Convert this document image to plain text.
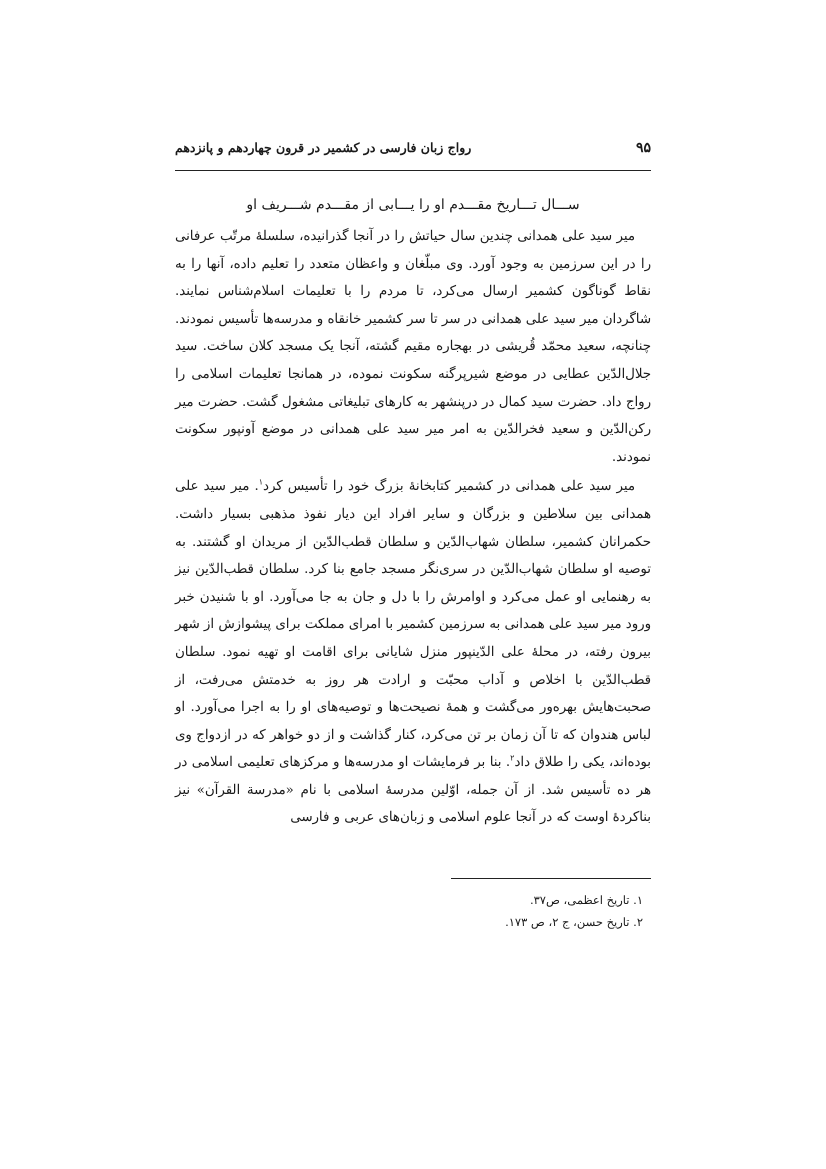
۹۵
رواج زبان فارسی در کشمیر در قرون چهاردهم و پانزدهم
ســـال تـــاریخ مقـــدم او را یـــابی از مقـــدم شـــریف او

میر سید علی همدانی چندین سال حیاتش را در آنجا گذرانیده، سلسلهٔ مرتّب عرفانی را در این سرزمین به وجود آورد. وی مبلّغان و واعظان متعدد را تعلیم داده، آنها را به نقاط گوناگون کشمیر ارسال می‌کرد، تا مردم را با تعلیمات اسلام‌شناس نمایند. شاگردان میر سید علی همدانی در سر تا سر کشمیر خانقاه و مدرسه‌ها تأسیس نمودند. چنانچه، سعید محمّد قُریشی در بهجاره مقیم گشته، آنجا یک مسجد کلان ساخت. سید جلال‌الدّین عطایی در موضع شیرپرگنه سکونت نموده، در همانجا تعلیمات اسلامی را رواج داد. حضرت سید کمال در درپنشهر به کارهای تبلیغاتی مشغول گشت. حضرت میر رکن‌الدّین و سعید فخرالدّین به امر میر سید علی همدانی در موضع آونپور سکونت نمودند.

میر سید علی همدانی در کشمیر کتابخانهٔ بزرگ خود را تأسیس کرد$^۱$. میر سید علی همدانی بین سلاطین و بزرگان و سایر افراد این دیار نفوذ مذهبی بسیار داشت. حکمرانان کشمیر، سلطان شهاب‌الدّین و سلطان قطب‌الدّین از مریدان او گشتند. به توصیه او سلطان شهاب‌الدّین در سری‌نگر مسجد جامع بنا کرد. سلطان قطب‌الدّین نیز به رهنمایی او عمل می‌کرد و اوامرش را با دل و جان به جا می‌آورد. او با شنیدن خبر ورود میر سید علی همدانی به سرزمین کشمیر با امرای مملکت برای پیشوازش از شهر بیرون رفته، در محلهٔ علی الدّینپور منزل شایانی برای اقامت او تهیه نمود. سلطان قطب‌الدّین با اخلاص و آداب محبّت و ارادت هر روز به خدمتش می‌رفت، از صحبت‌هایش بهره‌ور می‌گشت و همهٔ نصیحت‌ها و توصیه‌های او را به اجرا می‌آورد. او لباس هندوان که تا آن زمان بر تن می‌کرد، کنار گذاشت و از دو خواهر که در ازدواج وی بوده‌اند، یکی را طلاق داد$^۲$. بنا بر فرمایشات او مدرسه‌ها و مرکزهای تعلیمی اسلامی در هر ده تأسیس شد. از آن جمله، اوّلین مدرسهٔ اسلامی با نام «مدرسة القرآن» نیز بناکردهٔ اوست که در آنجا علوم اسلامی و زبان‌های عربی و فارسی

۱. تاریخ اعظمی، ص۳۷.
۲. تاریخ حسن، ج ۲، ص ۱۷۳.
